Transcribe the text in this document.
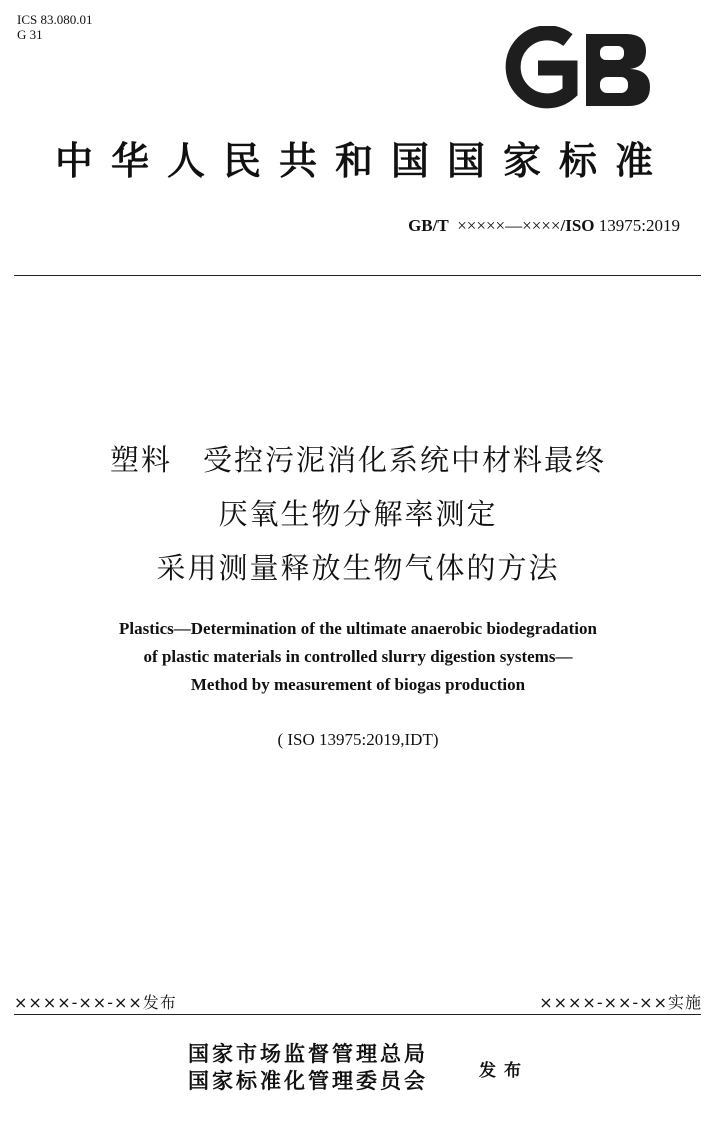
ICS 83.080.01
G 31
中华人民共和国国家标准
GB/T ×××××—××××/ISO 13975:2019
塑料　受控污泥消化系统中材料最终
厌氧生物分解率测定
采用测量释放生物气体的方法
Plastics—Determination of the ultimate anaerobic biodegradation
of plastic materials in controlled slurry digestion systems—
Method by measurement of biogas production
( ISO 13975:2019,IDT)
××××-××-××发布	××××-××-××实施
国家市场监督管理总局
国家标准化管理委员会	发布
